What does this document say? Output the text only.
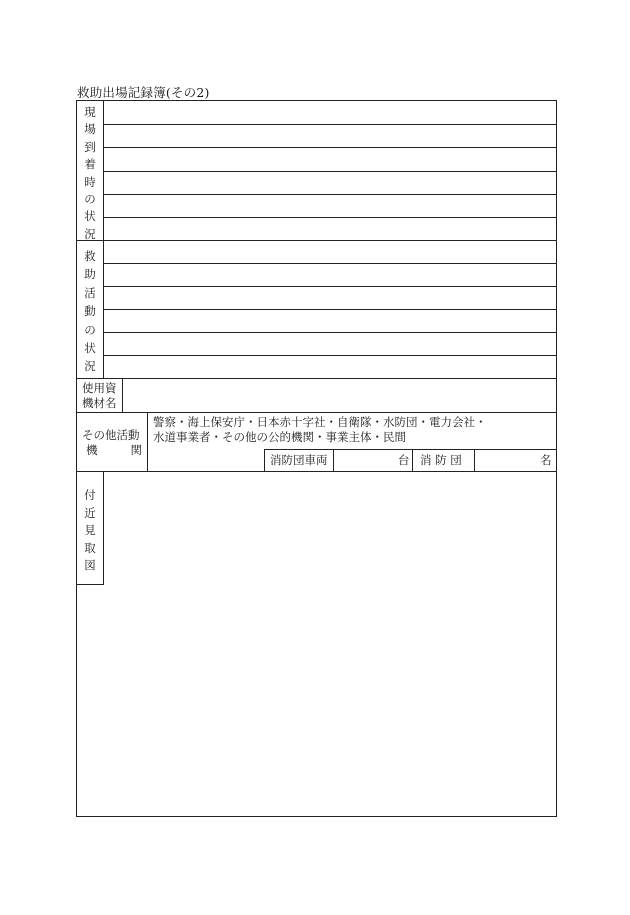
救助出場記録簿(その2)
現
場
到
着
時
の
状
況
救
助
活
動
の
状
況
使用資
機材名
その他活動
機	関
警察・海上保安庁・日本赤十字社・自衛隊・水防団・電力会社・
水道事業者・その他の公的機関・事業主体・民間
消防団車両	台 消 防 団	名
付
近
見
取
図
